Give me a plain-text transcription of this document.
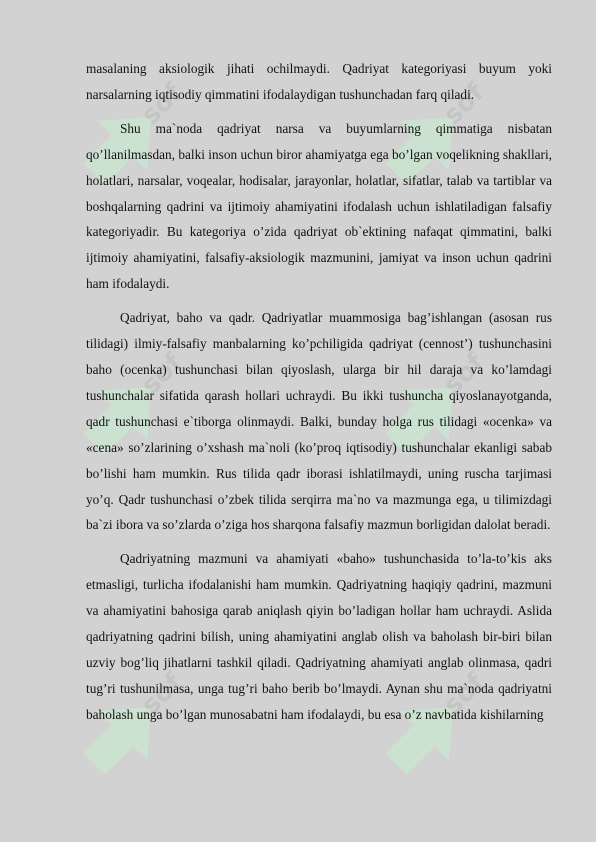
sof	sof
sof	sof
sof	sof

masalaning aksiologik jihati ochilmaydi. Qadriyat kategoriyasi buyum yoki narsalarning iqtisodiy qimmatini ifodalaydigan tushunchadan farq qiladi.

Shu ma`noda qadriyat narsa va buyumlarning qimmatiga nisbatan qo’llanilmasdan, balki inson uchun biror ahamiyatga ega bo’lgan voqelikning shakllari, holatlari, narsalar, voqealar, hodisalar, jarayonlar, holatlar, sifatlar, talab va tartiblar va boshqalarning qadrini va ijtimoiy ahamiyatini ifodalash uchun ishlatiladigan falsafiy kategoriyadir. Bu kategoriya o’zida qadriyat ob`ektining nafaqat qimmatini, balki ijtimoiy ahamiyatini, falsafiy-aksiologik mazmunini, jamiyat va inson uchun qadrini ham ifodalaydi.

Qadriyat, baho va qadr. Qadriyatlar muammosiga bag’ishlangan (asosan rus tilidagi) ilmiy-falsafiy manbalarning ko’pchiligida qadriyat (cennost’) tushunchasini baho (ocenka) tushunchasi bilan qiyoslash, ularga bir hil daraja va ko’lamdagi tushunchalar sifatida qarash hollari uchraydi. Bu ikki tushuncha qiyoslanayotganda, qadr tushunchasi e`tiborga olinmaydi. Balki, bunday holga rus tilidagi «ocenka» va «cena» so’zlarining o’xshash ma`noli (ko’proq iqtisodiy) tushunchalar ekanligi sabab bo’lishi ham mumkin. Rus tilida qadr iborasi ishlatilmaydi, uning ruscha tarjimasi yo’q. Qadr tushunchasi o’zbek tilida serqirra ma`no va mazmunga ega, u tilimizdagi ba`zi ibora va so’zlarda o’ziga hos sharqona falsafiy mazmun borligidan dalolat beradi.

Qadriyatning mazmuni va ahamiyati «baho» tushunchasida to’la-to’kis aks etmasligi, turlicha ifodalanishi ham mumkin. Qadriyatning haqiqiy qadrini, mazmuni va ahamiyatini bahosiga qarab aniqlash qiyin bo’ladigan hollar ham uchraydi. Aslida qadriyatning qadrini bilish, uning ahamiyatini anglab olish va baholash bir-biri bilan uzviy bog’liq jihatlarni tashkil qiladi. Qadriyatning ahamiyati anglab olinmasa, qadri tug’ri tushunilmasa, unga tug’ri baho berib bo’lmaydi. Aynan shu ma`noda qadriyatni baholash unga bo’lgan munosabatni ham ifodalaydi, bu esa o’z navbatida kishilarning
